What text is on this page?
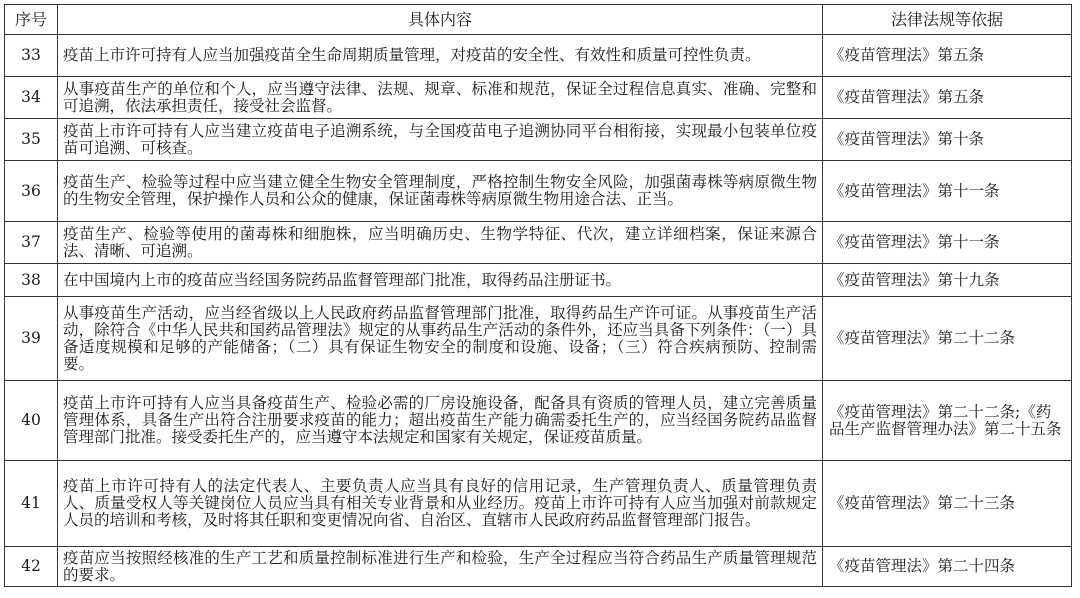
序号	具体内容	法律法规等依据
33	疫苗上市许可持有人应当加强疫苗全生命周期质量管理，对疫苗的安全性、有效性和质量可控性负责。	《疫苗管理法》第五条
34	从事疫苗生产的单位和个人，应当遵守法律、法规、规章、标准和规范，保证全过程信息真实、准确、完整和可追溯，依法承担责任，接受社会监督。	《疫苗管理法》第五条
35	疫苗上市许可持有人应当建立疫苗电子追溯系统，与全国疫苗电子追溯协同平台相衔接，实现最小包装单位疫苗可追溯、可核查。	《疫苗管理法》第十条
36	疫苗生产、检验等过程中应当建立健全生物安全管理制度，严格控制生物安全风险，加强菌毒株等病原微生物的生物安全管理，保护操作人员和公众的健康，保证菌毒株等病原微生物用途合法、正当。	《疫苗管理法》第十一条
37	疫苗生产、检验等使用的菌毒株和细胞株，应当明确历史、生物学特征、代次，建立详细档案，保证来源合法、清晰、可追溯。	《疫苗管理法》第十一条
38	在中国境内上市的疫苗应当经国务院药品监督管理部门批准，取得药品注册证书。	《疫苗管理法》第十九条
39	从事疫苗生产活动，应当经省级以上人民政府药品监督管理部门批准，取得药品生产许可证。从事疫苗生产活动，除符合《中华人民共和国药品管理法》规定的从事药品生产活动的条件外，还应当具备下列条件：（一）具备适度规模和足够的产能储备；（二）具有保证生物安全的制度和设施、设备；（三）符合疾病预防、控制需要。	《疫苗管理法》第二十二条
40	疫苗上市许可持有人应当具备疫苗生产、检验必需的厂房设施设备，配备具有资质的管理人员，建立完善质量管理体系，具备生产出符合注册要求疫苗的能力；超出疫苗生产能力确需委托生产的，应当经国务院药品监督管理部门批准。接受委托生产的，应当遵守本法规定和国家有关规定，保证疫苗质量。	《疫苗管理法》第二十二条;《药品生产监督管理办法》第二十五条
41	疫苗上市许可持有人的法定代表人、主要负责人应当具有良好的信用记录，生产管理负责人、质量管理负责人、质量受权人等关键岗位人员应当具有相关专业背景和从业经历。疫苗上市许可持有人应当加强对前款规定人员的培训和考核，及时将其任职和变更情况向省、自治区、直辖市人民政府药品监督管理部门报告。	《疫苗管理法》第二十三条
42	疫苗应当按照经核准的生产工艺和质量控制标准进行生产和检验，生产全过程应当符合药品生产质量管理规范的要求。	《疫苗管理法》第二十四条
